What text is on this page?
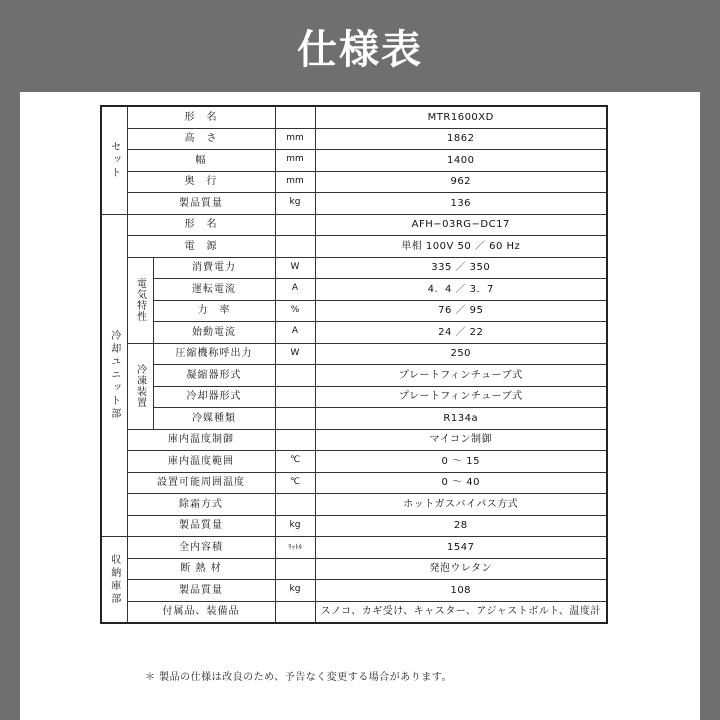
仕様表
セット	形　名			MTR1600XD
	高　さ		mm	1862
	幅		mm	1400
	奥　行		mm	962
	製品質量		kg	136
冷却ユニット部	形　名			AFH−03RG−DC17
	電　源			単相 100V 50 ／ 60 Hz
	電気特性	消費電力	W	335 ／ 350
		運転電流	A	4．4 ／ 3．7
		力　率	%	76 ／ 95
		始動電流	A	24 ／ 22
	冷凍装置	圧縮機称呼出力	W	250
		凝縮器形式		プレートフィンチューブ式
		冷却器形式		プレートフィンチューブ式
		冷媒種類		R134a
	庫内温度制御			マイコン制御
	庫内温度範囲		℃	0 〜 15
	設置可能周囲温度		℃	0 〜 40
	除霜方式			ホットガスバイパス方式
	製品質量		kg	28
収納庫部	全内容積		ﾘｯﾄﾙ	1547
	断 熱 材			発泡ウレタン
	製品質量		kg	108
	付属品、装備品			スノコ、カギ受け、キャスター、アジャストボルト、温度計
＊ 製品の仕様は改良のため、予告なく変更する場合があります。
